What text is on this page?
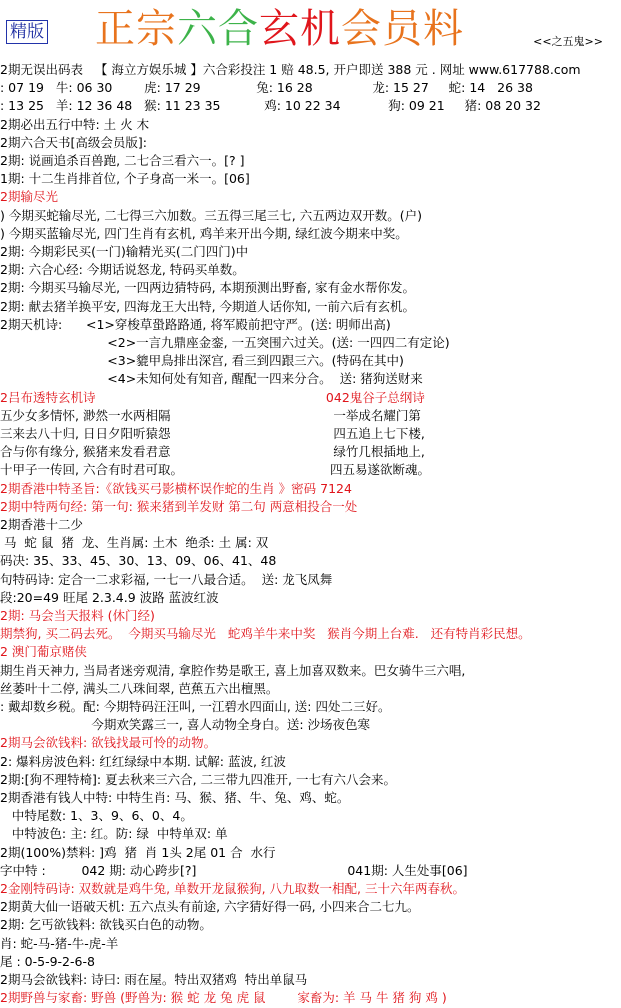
精版 正宗六合玄机会员料	<<之五鬼>>
2期无误出码表   【 海立方娱乐城 】六合彩投注 1 赔 48.5, 开户即送 388 元 . 网址 www.617788.com
: 07 19   牛: 06 30        虎: 17 29              兔: 16 28               龙: 15 27     蛇: 14   26 38
: 13 25   羊: 12 36 48   猴: 11 23 35           鸡: 10 22 34            狗: 09 21     猪: 08 20 32
2期必出五行中特: 土 火 木
2期六合天书[高级会员版]:
2期: 说画追杀百兽跑, 二七合三看六一。[? ]
1期: 十二生肖排首位, 个子身高一米一。[06]
2期输尽光
) 今期买蛇输尽光, 二七得三六加数。三五得三尾三七, 六五两边双开数。(户)
) 今期买蓝输尽光, 四门生肖有玄机, 鸡羊来开出今期, 绿红波今期来中奖。
2期: 今期彩民买(一门)输精光买(二门四门)中
2期: 六合心经: 今期话说怒龙, 特码买单数。
2期: 今期买马输尽光, 一四两边猜特码, 本期预测出野畜, 家有金水帮你发。
2期: 献去猪羊换平安, 四海龙王大出特, 今期道人话你知, 一前六后有玄机。
2期天机诗:      <1>穿梭草蛩路路通, 将军殿前把守严。(送: 明师出高)
<2>一言九鼎座金銮, 一五突围六过关。(送: 一四四二有定论)
<3>貔甲鳥排出深宫, 看三到四跟三六。(特码在其中)
<4>未知何处有知音, 醒配一四来分合。  送: 猪狗送财来
2吕布透特玄机诗                                                          042鬼谷子总纲诗
五少女多情怀, 渺然一水两相隔                                         一举成名耀门第
三来去八十归, 日日夕阳听猿怨                                         四五追上七下楼,
合与你有缘分, 猴猪来发看君意                                         绿竹几根插地上,
十甲子一传回, 六合有时君可取。                                     四五易遂欲断魂。
2期香港中特圣旨:《欲钱买弓影横杯误作蛇的生肖 》密码 7124
2期中特两句经: 第一句: 猴来猪到羊发财 第二句 两意相投合一处
2期香港十二少
马  蛇 鼠  猪  龙、生肖属: 土木  绝杀: 土 属: 双
码决: 35、33、45、30、13、09、06、41、48
句特码诗: 定合一二求彩福, 一七一八最合适。  送: 龙飞凤舞
段:20=49 旺尾 2.3.4.9 波路 蓝波红波
2期: 马会当天报料 (休门经)
期禁狗, 买二码去死。  今期买马输尽光   蛇鸡羊牛来中奖   猴肖今期上台难.   还有特肖彩民想。
2 澳门葡京赌侠
期生肖天神力, 当局者迷旁观清, 拿腔作势是歌王, 喜上加喜双数来。巴女骑牛三六唱,
丝萎叶十二停, 满头二八珠间翠, 芭蕉五六出檀黑。
: 戴却数乡税。配: 今期特码汪汪叫, 一江碧水四面山, 送: 四处二三好。
今期欢笑露三一, 喜人动物全身白。送: 沙场夜色寒
2期马会欲钱料: 欲钱找最可怜的动物。
2: 爆料房波色料: 红红绿绿中本期. 试解: 蓝波, 红波
2期:[狗不理特椅]: 夏去秋来三六合, 二三带九四准开, 一七有六八会来。
2期香港有钱人中特: 中特生肖: 马、猴、猪、牛、兔、鸡、蛇。
中特尾数: 1、3、9、6、0、4。
中特波色: 主: 红。防: 绿  中特单双: 单
2期(100%)禁料: ]鸡  猪  肖 1头 2尾 01 合  水行
字中特 :         042 期: 动心跨步[?]                                      041期: 人生处事[06]
2金刚特码诗: 双数就是鸡牛兔, 单数开龙鼠猴狗, 八九取数一相配, 三十六年两春秋。
2期黄大仙一语破天机: 五六点头有前途, 六字猜好得一码, 小四来合二七九。
2期: 乞丐欲钱料: 欲钱买白色的动物。
肖: 蛇-马-猪-牛-虎-羊
尾 : 0-5-9-2-6-8
2期马会欲钱料: 诗曰: 雨在屋。特出双猪鸡  特出单鼠马
2期野兽与家畜: 野兽 (野兽为: 猴 蛇 龙 兔 虎 鼠        家畜为: 羊 马 牛 猪 狗 鸡 )
